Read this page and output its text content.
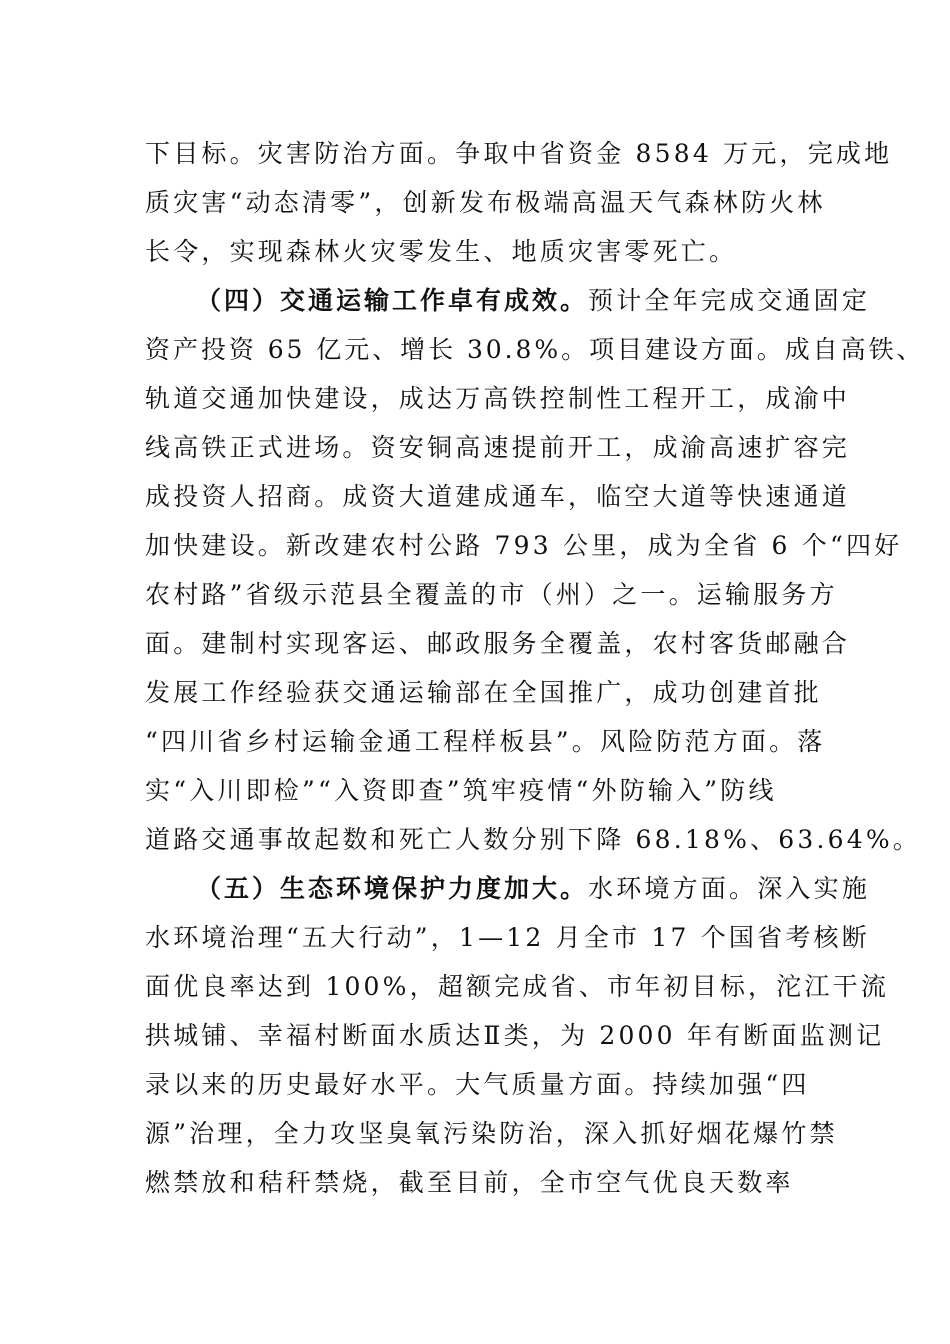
下目标。灾害防治方面。争取中省资金 8584 万元，完成地
质灾害“动态清零”，创新发布极端高温天气森林防火林
长令，实现森林火灾零发生、地质灾害零死亡。
（四）交通运输工作卓有成效。预计全年完成交通固定
资产投资 65 亿元、增长 30.8%。项目建设方面。成自高铁、
轨道交通加快建设，成达万高铁控制性工程开工，成渝中
线高铁正式进场。资安铜高速提前开工，成渝高速扩容完
成投资人招商。成资大道建成通车，临空大道等快速通道
加快建设。新改建农村公路 793 公里，成为全省 6 个“四好
农村路”省级示范县全覆盖的市（州）之一。运输服务方
面。建制村实现客运、邮政服务全覆盖，农村客货邮融合
发展工作经验获交通运输部在全国推广，成功创建首批
“四川省乡村运输金通工程样板县”。风险防范方面。落
实“入川即检”“入资即查”筑牢疫情“外防输入”防线
道路交通事故起数和死亡人数分别下降 68.18%、63.64%。
（五）生态环境保护力度加大。水环境方面。深入实施
水环境治理“五大行动”，1—12 月全市 17 个国省考核断
面优良率达到 100%，超额完成省、市年初目标，沱江干流
拱城铺、幸福村断面水质达Ⅱ类，为 2000 年有断面监测记
录以来的历史最好水平。大气质量方面。持续加强“四
源”治理，全力攻坚臭氧污染防治，深入抓好烟花爆竹禁
燃禁放和秸秆禁烧，截至目前，全市空气优良天数率
